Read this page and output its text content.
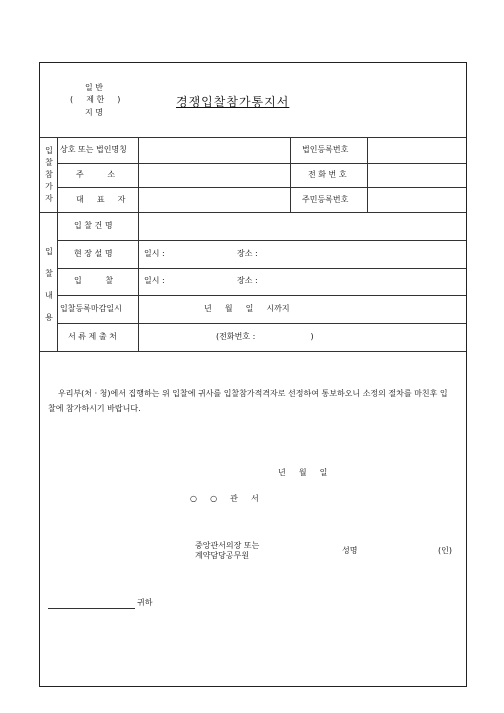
일 반
( 　 제 한 　 )
지 명
경쟁입찰참가통지서
입
찰
참
가
자
상호 또는 법인명칭	법인등록번호
주 　 　 소	전 화 번 호
대 　 표 　 자	주민등록번호
입
찰
내
용
입 찰 건 명
현 장 설 명	일시 :	장소 :
입 　 　 찰	일시 :	장소 :
입찰등록마감일시	년 　 월 　 일 　 시까지
서 류 제 출 처	(전화번호 : 　 　 　 　 　 )
우리부(처 · 청)에서 집행하는 위 입찰에 귀사를 입찰참가적격자로 선정하여 통보하오니 소정의 절차를 마친후 입찰에 참가하시기 바랍니다.
년 　 월 　 일
○ 　 ○ 　 관 　 서
중앙관서의장 또는
계약담당공무원
성명	(인)
귀하
